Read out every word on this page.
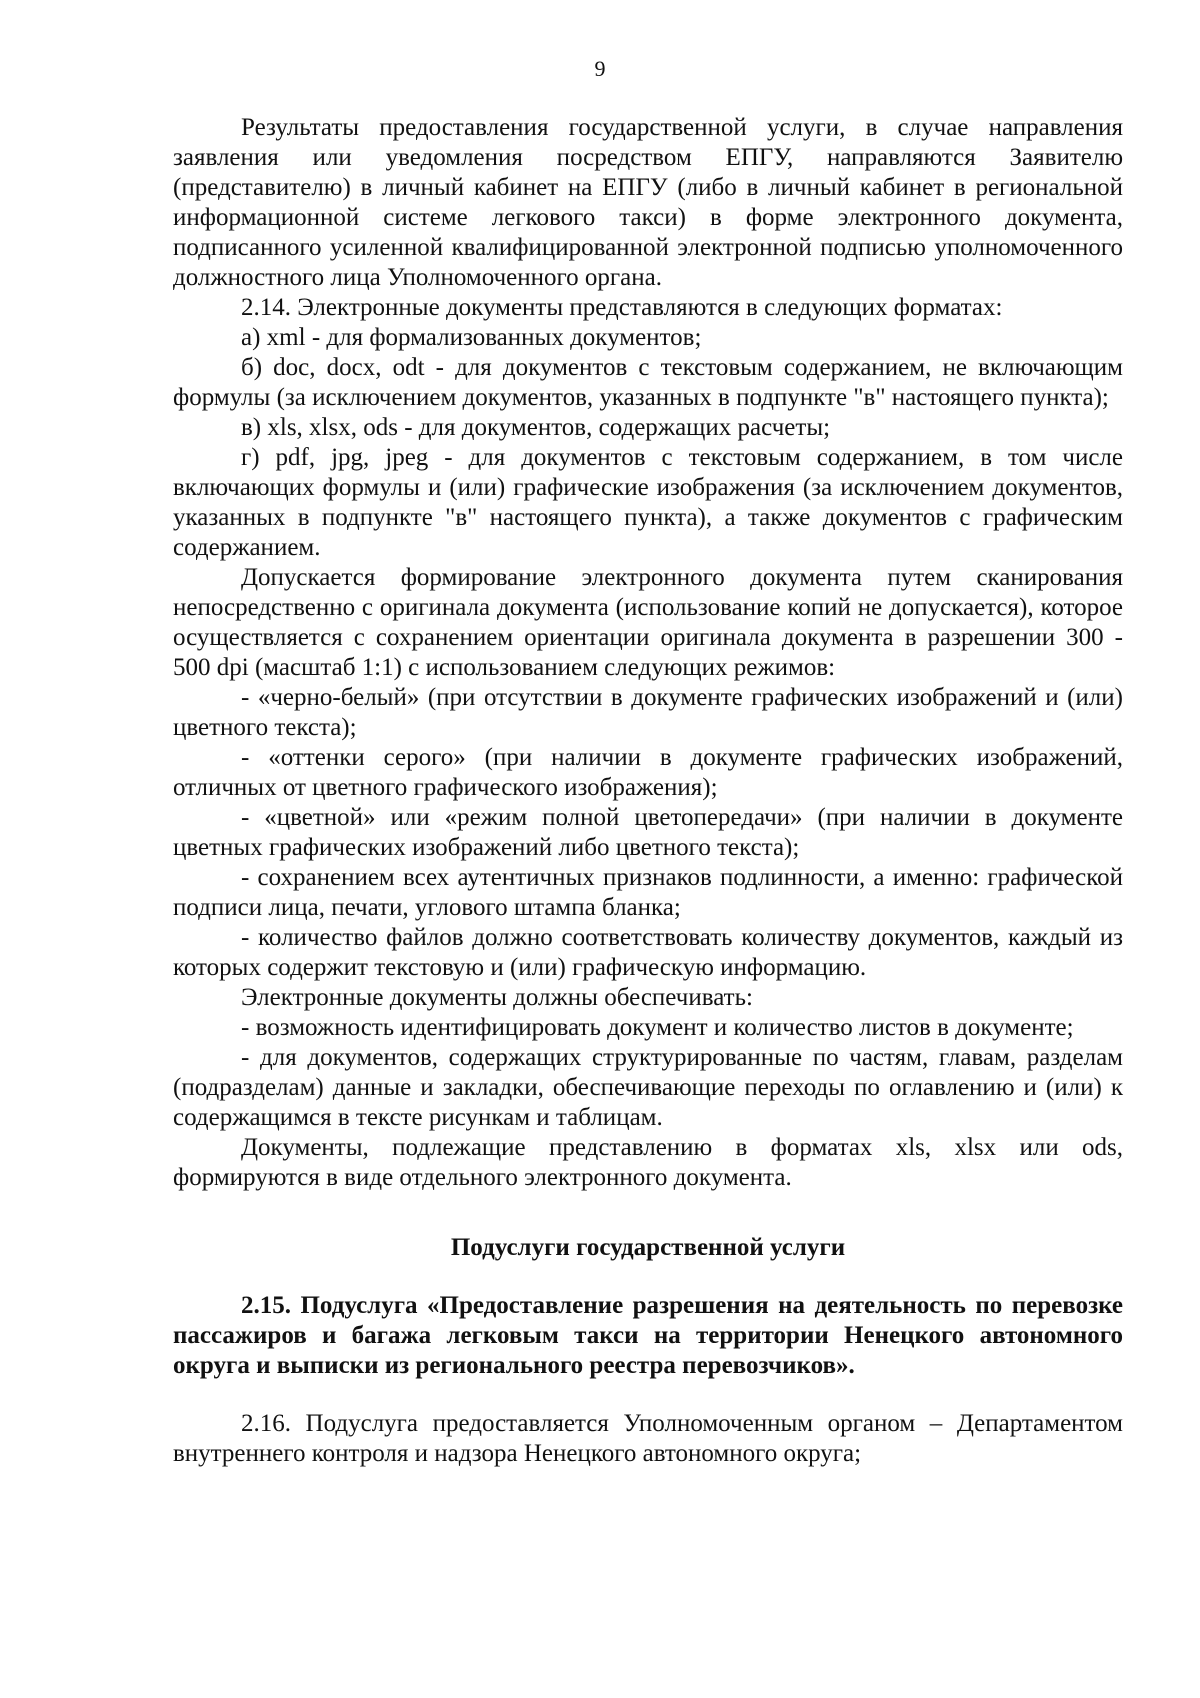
9

Результаты предоставления государственной услуги, в случае направления заявления или уведомления посредством ЕПГУ, направляются Заявителю (представителю) в личный кабинет на ЕПГУ (либо в личный кабинет в региональной информационной системе легкового такси) в форме электронного документа, подписанного усиленной квалифицированной электронной подписью уполномоченного должностного лица Уполномоченного органа.

2.14. Электронные документы представляются в следующих форматах:

а) xml - для формализованных документов;

б) doc, docx, odt - для документов с текстовым содержанием, не включающим формулы (за исключением документов, указанных в подпункте "в" настоящего пункта);

в) xls, xlsx, ods - для документов, содержащих расчеты;

г) pdf, jpg, jpeg - для документов с текстовым содержанием, в том числе включающих формулы и (или) графические изображения (за исключением документов, указанных в подпункте "в" настоящего пункта), а также документов с графическим содержанием.

Допускается формирование электронного документа путем сканирования непосредственно с оригинала документа (использование копий не допускается), которое осуществляется с сохранением ориентации оригинала документа в разрешении 300 - 500 dpi (масштаб 1:1) с использованием следующих режимов:

- «черно-белый» (при отсутствии в документе графических изображений и (или) цветного текста);

- «оттенки серого» (при наличии в документе графических изображений, отличных от цветного графического изображения);

- «цветной» или «режим полной цветопередачи» (при наличии в документе цветных графических изображений либо цветного текста);

- сохранением всех аутентичных признаков подлинности, а именно: графической подписи лица, печати, углового штампа бланка;

- количество файлов должно соответствовать количеству документов, каждый из которых содержит текстовую и (или) графическую информацию.

Электронные документы должны обеспечивать:

- возможность идентифицировать документ и количество листов в документе;

- для документов, содержащих структурированные по частям, главам, разделам (подразделам) данные и закладки, обеспечивающие переходы по оглавлению и (или) к содержащимся в тексте рисункам и таблицам.

Документы, подлежащие представлению в форматах xls, xlsx или ods, формируются в виде отдельного электронного документа.

Подуслуги государственной услуги

2.15. Подуслуга «Предоставление разрешения на деятельность по перевозке пассажиров и багажа легковым такси на территории Ненецкого автономного округа и выписки из регионального реестра перевозчиков».

2.16. Подуслуга предоставляется Уполномоченным органом – Департаментом внутреннего контроля и надзора Ненецкого автономного округа;
